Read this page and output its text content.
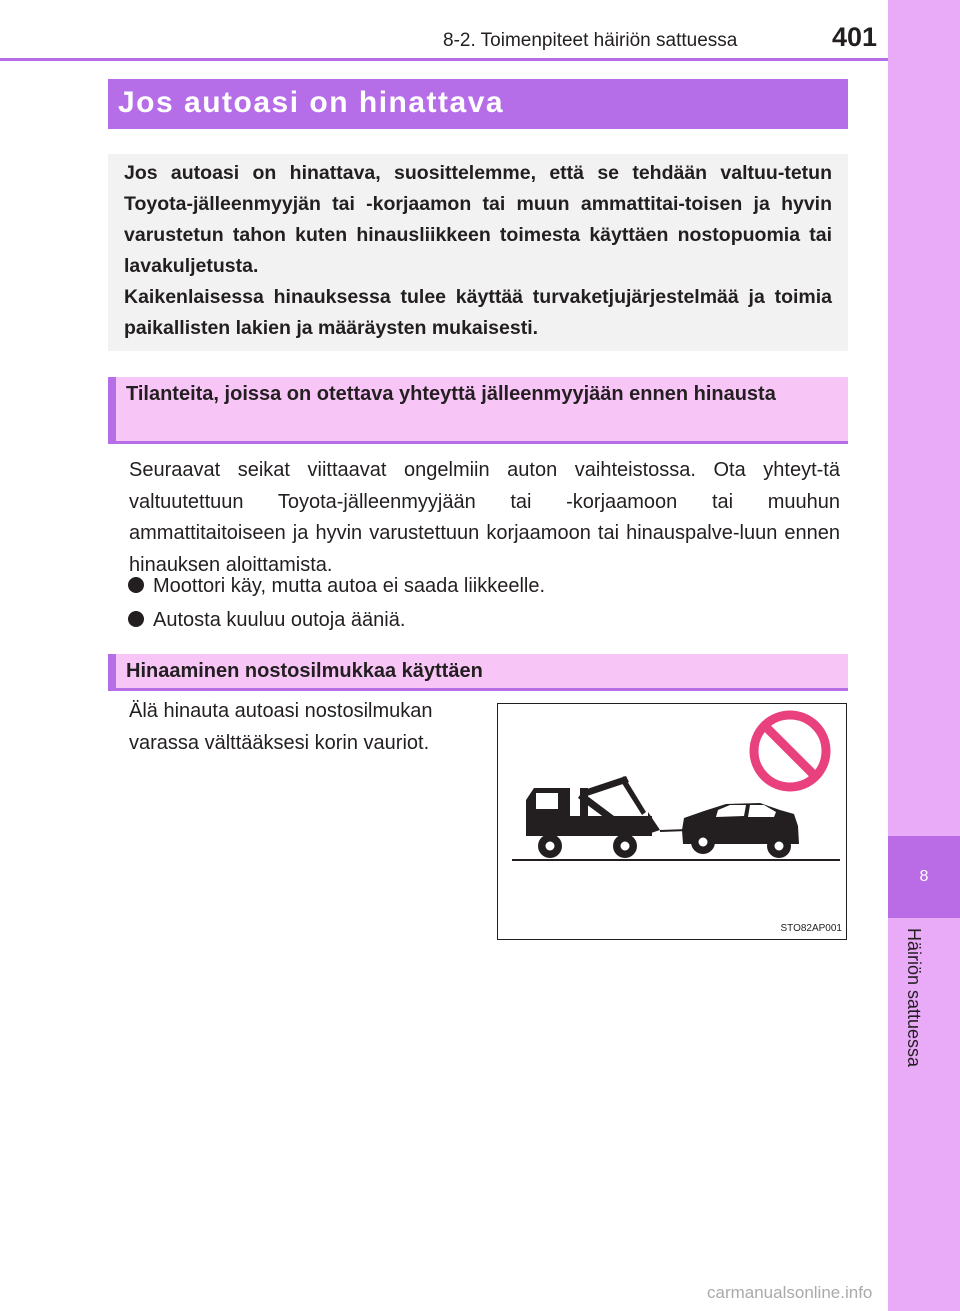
8-2. Toimenpiteet häiriön sattuessa	401
8
Häiriön sattuessa
Jos autoasi on hinattava

Jos autoasi on hinattava, suosittelemme, että se tehdään valtuu-tetun Toyota-jälleenmyyjän tai -korjaamon tai muun ammattitai-toisen ja hyvin varustetun tahon kuten hinausliikkeen toimesta käyttäen nostopuomia tai lavakuljetusta.

Kaikenlaisessa hinauksessa tulee käyttää turvaketjujärjestelmää ja toimia paikallisten lakien ja määräysten mukaisesti.

Tilanteita, joissa on otettava yhteyttä jälleenmyyjään ennen hinausta

Seuraavat seikat viittaavat ongelmiin auton vaihteistossa. Ota yhteyt-tä valtuutettuun Toyota-jälleenmyyjään tai -korjaamoon tai muuhun ammattitaitoiseen ja hyvin varustettuun korjaamoon tai hinauspalve-luun ennen hinauksen aloittamista.

Moottori käy, mutta autoa ei saada liikkeelle.
Autosta kuuluu outoja ääniä.

Hinaaminen nostosilmukkaa käyttäen

Älä hinauta autoasi nostosilmukan varassa välttääksesi korin vauriot.

STO82AP001
carmanualsonline.info
